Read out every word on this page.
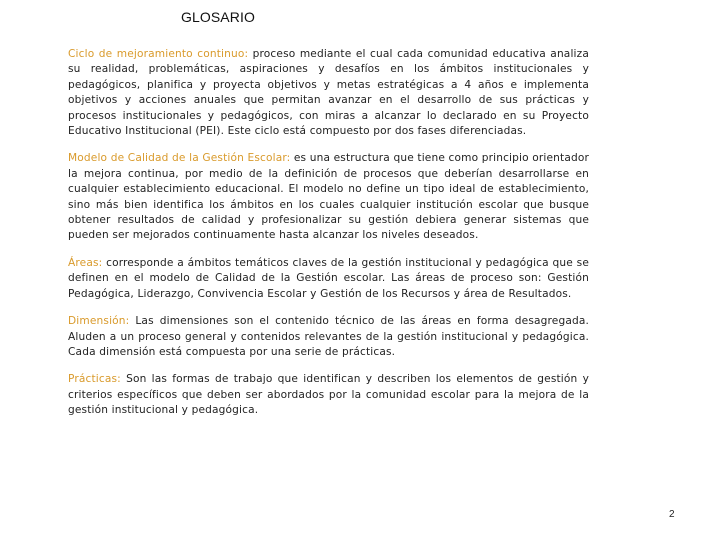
GLOSARIO

Ciclo de mejoramiento continuo: proceso mediante el cual cada comunidad educativa analiza su realidad, problemáticas, aspiraciones y desafíos en los ámbitos institucionales y pedagógicos, planifica y proyecta objetivos y metas estratégicas a 4 años e implementa objetivos y acciones anuales que permitan avanzar en el desarrollo de sus prácticas y procesos institucionales y pedagógicos, con miras a alcanzar lo declarado en su Proyecto Educativo Institucional (PEI). Este ciclo está compuesto por dos fases diferenciadas.

Modelo de Calidad de la Gestión Escolar: es una estructura que tiene como principio orientador la mejora continua, por medio de la definición de procesos que deberían desarrollarse en cualquier establecimiento educacional. El modelo no define un tipo ideal de establecimiento, sino más bien identifica los ámbitos en los cuales cualquier institución escolar que busque obtener resultados de calidad y profesionalizar su gestión debiera generar sistemas que pueden ser mejorados continuamente hasta alcanzar los niveles deseados.

Áreas: corresponde a ámbitos temáticos claves de la gestión institucional y pedagógica que se definen en el modelo de Calidad de la Gestión escolar. Las áreas de proceso son: Gestión Pedagógica, Liderazgo, Convivencia Escolar y Gestión de los Recursos y área de Resultados.

Dimensión: Las dimensiones son el contenido técnico de las áreas en forma desagregada. Aluden a un proceso general y contenidos relevantes de la gestión institucional y pedagógica. Cada dimensión está compuesta por una serie de prácticas.

Prácticas: Son las formas de trabajo que identifican y describen los elementos de gestión y criterios específicos que deben ser abordados por la comunidad escolar para la mejora de la gestión institucional y pedagógica.

2
